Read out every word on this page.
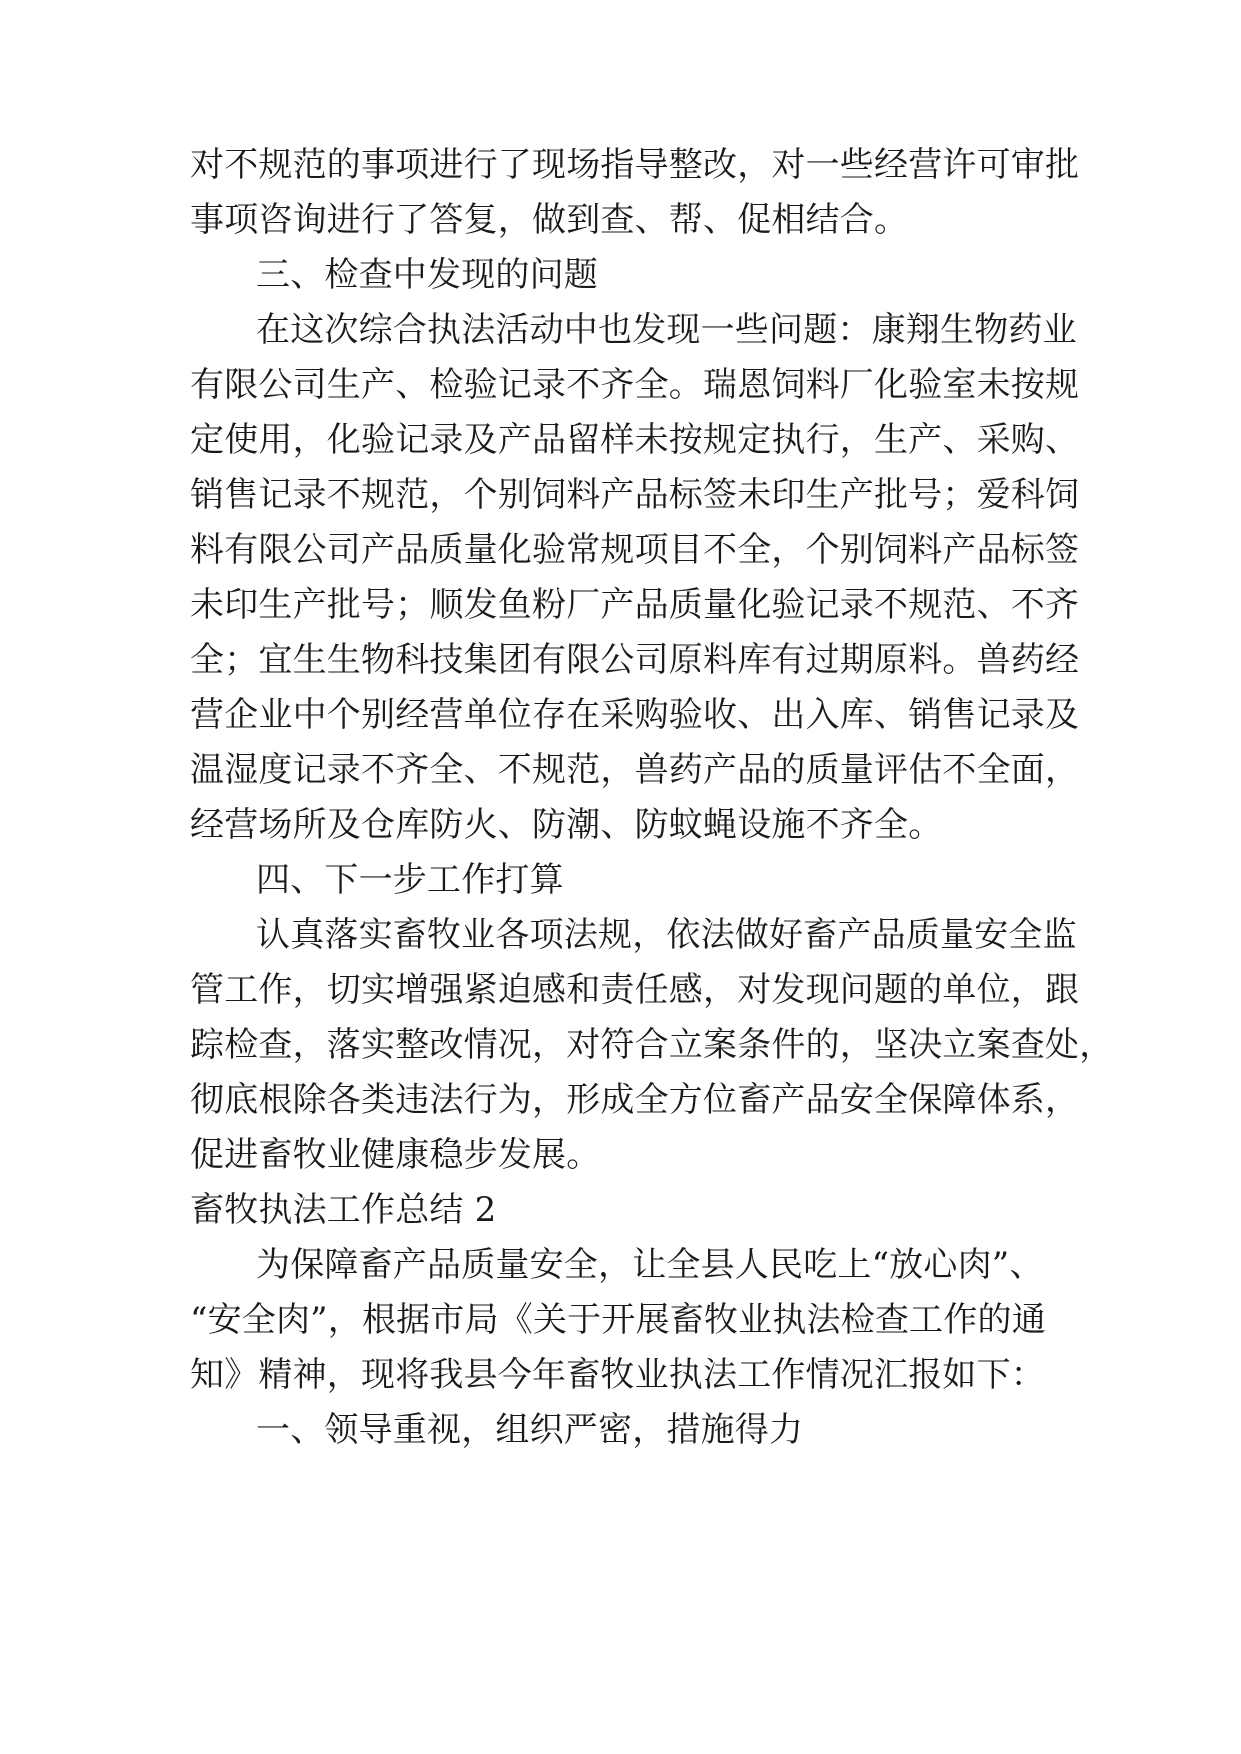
对不规范的事项进行了现场指导整改，对一些经营许可审批
事项咨询进行了答复，做到查、帮、促相结合。
三、检查中发现的问题
在这次综合执法活动中也发现一些问题：康翔生物药业
有限公司生产、检验记录不齐全。瑞恩饲料厂化验室未按规
定使用，化验记录及产品留样未按规定执行，生产、采购、
销售记录不规范，个别饲料产品标签未印生产批号；爱科饲
料有限公司产品质量化验常规项目不全，个别饲料产品标签
未印生产批号；顺发鱼粉厂产品质量化验记录不规范、不齐
全；宜生生物科技集团有限公司原料库有过期原料。兽药经
营企业中个别经营单位存在采购验收、出入库、销售记录及
温湿度记录不齐全、不规范，兽药产品的质量评估不全面，
经营场所及仓库防火、防潮、防蚊蝇设施不齐全。
四、下一步工作打算
认真落实畜牧业各项法规，依法做好畜产品质量安全监
管工作，切实增强紧迫感和责任感，对发现问题的单位，跟
踪检查，落实整改情况，对符合立案条件的，坚决立案查处，
彻底根除各类违法行为，形成全方位畜产品安全保障体系，
促进畜牧业健康稳步发展。
畜牧执法工作总结 2
为保障畜产品质量安全，让全县人民吃上“放心肉”、
“安全肉”，根据市局《关于开展畜牧业执法检查工作的通
知》精神，现将我县今年畜牧业执法工作情况汇报如下：
一、领导重视，组织严密，措施得力
